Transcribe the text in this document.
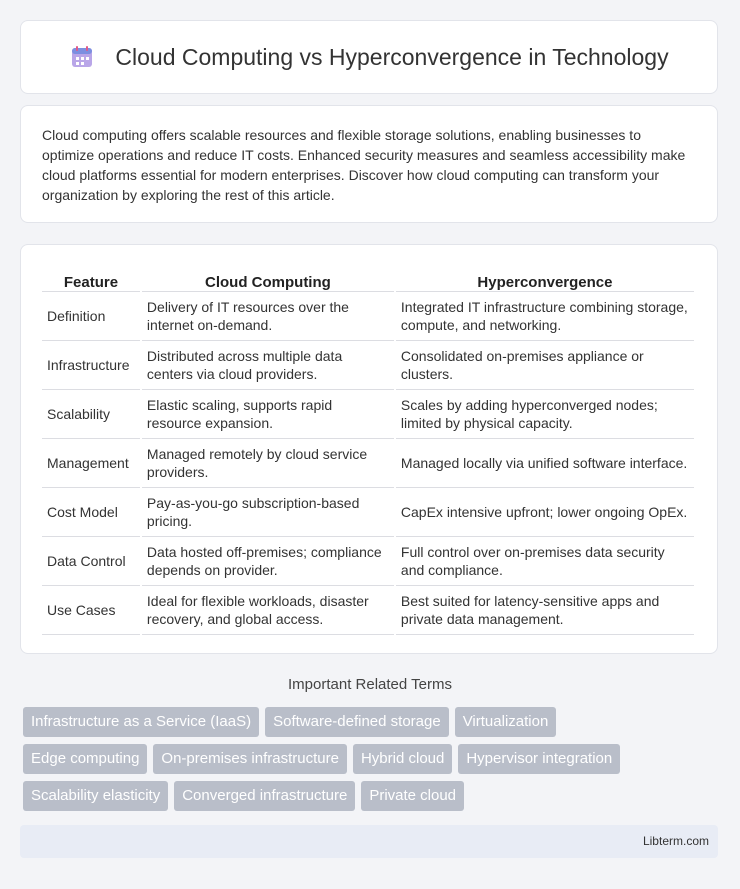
Cloud Computing vs Hyperconvergence in Technology

Cloud computing offers scalable resources and flexible storage solutions, enabling businesses to optimize operations and reduce IT costs. Enhanced security measures and seamless accessibility make cloud platforms essential for modern enterprises. Discover how cloud computing can transform your organization by exploring the rest of this article.

Feature	Cloud Computing	Hyperconvergence
Definition	Delivery of IT resources over the internet on-demand.	Integrated IT infrastructure combining storage, compute, and networking.
Infrastructure	Distributed across multiple data centers via cloud providers.	Consolidated on-premises appliance or clusters.
Scalability	Elastic scaling, supports rapid resource expansion.	Scales by adding hyperconverged nodes; limited by physical capacity.
Management	Managed remotely by cloud service providers.	Managed locally via unified software interface.
Cost Model	Pay-as-you-go subscription-based pricing.	CapEx intensive upfront; lower ongoing OpEx.
Data Control	Data hosted off-premises; compliance depends on provider.	Full control over on-premises data security and compliance.
Use Cases	Ideal for flexible workloads, disaster recovery, and global access.	Best suited for latency-sensitive apps and private data management.
Important Related Terms
Infrastructure as a Service (IaaS)	Software-defined storage	Virtualization
Edge computing	On-premises infrastructure	Hybrid cloud	Hypervisor integration
Scalability elasticity	Converged infrastructure	Private cloud
Libterm.com
